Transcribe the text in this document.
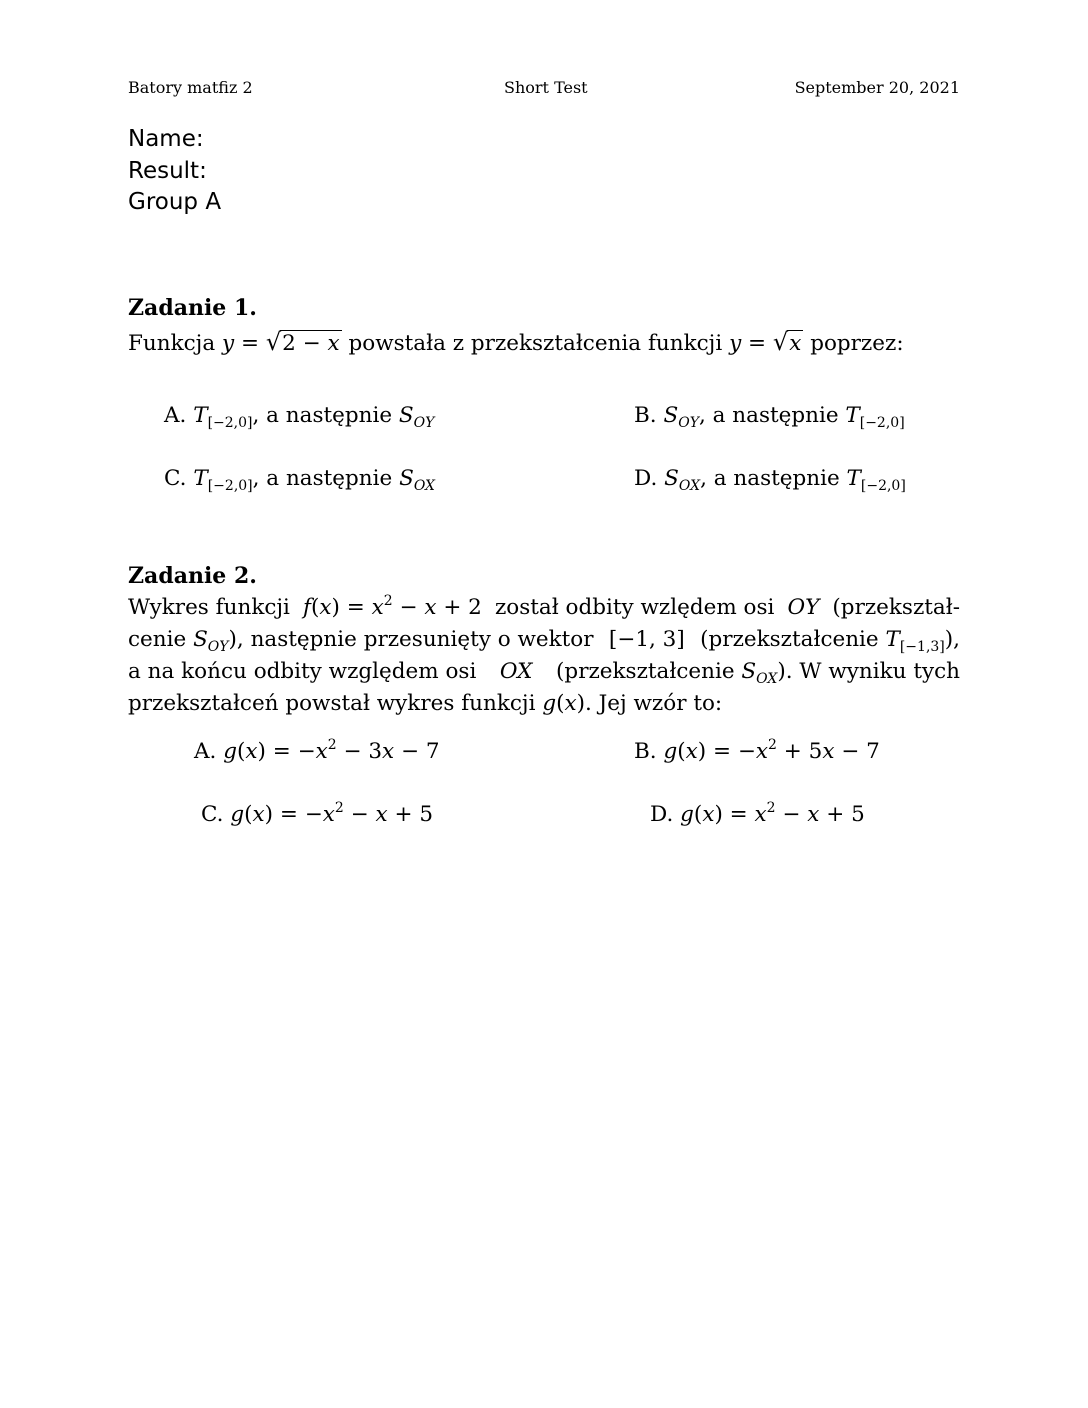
Batory matfiz 2	Short Test	September 20, 2021
Name:
Result:
Group A
Zadanie 1.
Funkcja y = √2 − x powstała z przekształcenia funkcji y = √x poprzez:
A. $T_{[-2,0]}$, a następnie $S_{OY}$	B. $S_{OY}$, a następnie $T_{[-2,0]}$
C. $T_{[-2,0]}$, a następnie $S_{OX}$	D. $S_{OX}$, a następnie $T_{[-2,0]}$
Zadanie 2.
Wykres funkcji $f(x) = x^2 - x + 2$ został odbity wzlędem osi OY (przekształ-
cenie $S_{OY}$), następnie przesunięty o wektor [−1, 3] (przekształcenie $T_{[-1,3]}$),
a na końcu odbity względem osi OX (przekształcenie $S_{OX}$). W wyniku tych
przekształceń powstał wykres funkcji
g ( x ) . Jej wzór to:
A. $g(x) = -x^2 - 3x - 7$	B. $g(x) = -x^2 + 5x - 7$
C. $g(x) = -x^2 - x + 5$	D. $g(x) = x^2 - x + 5$
